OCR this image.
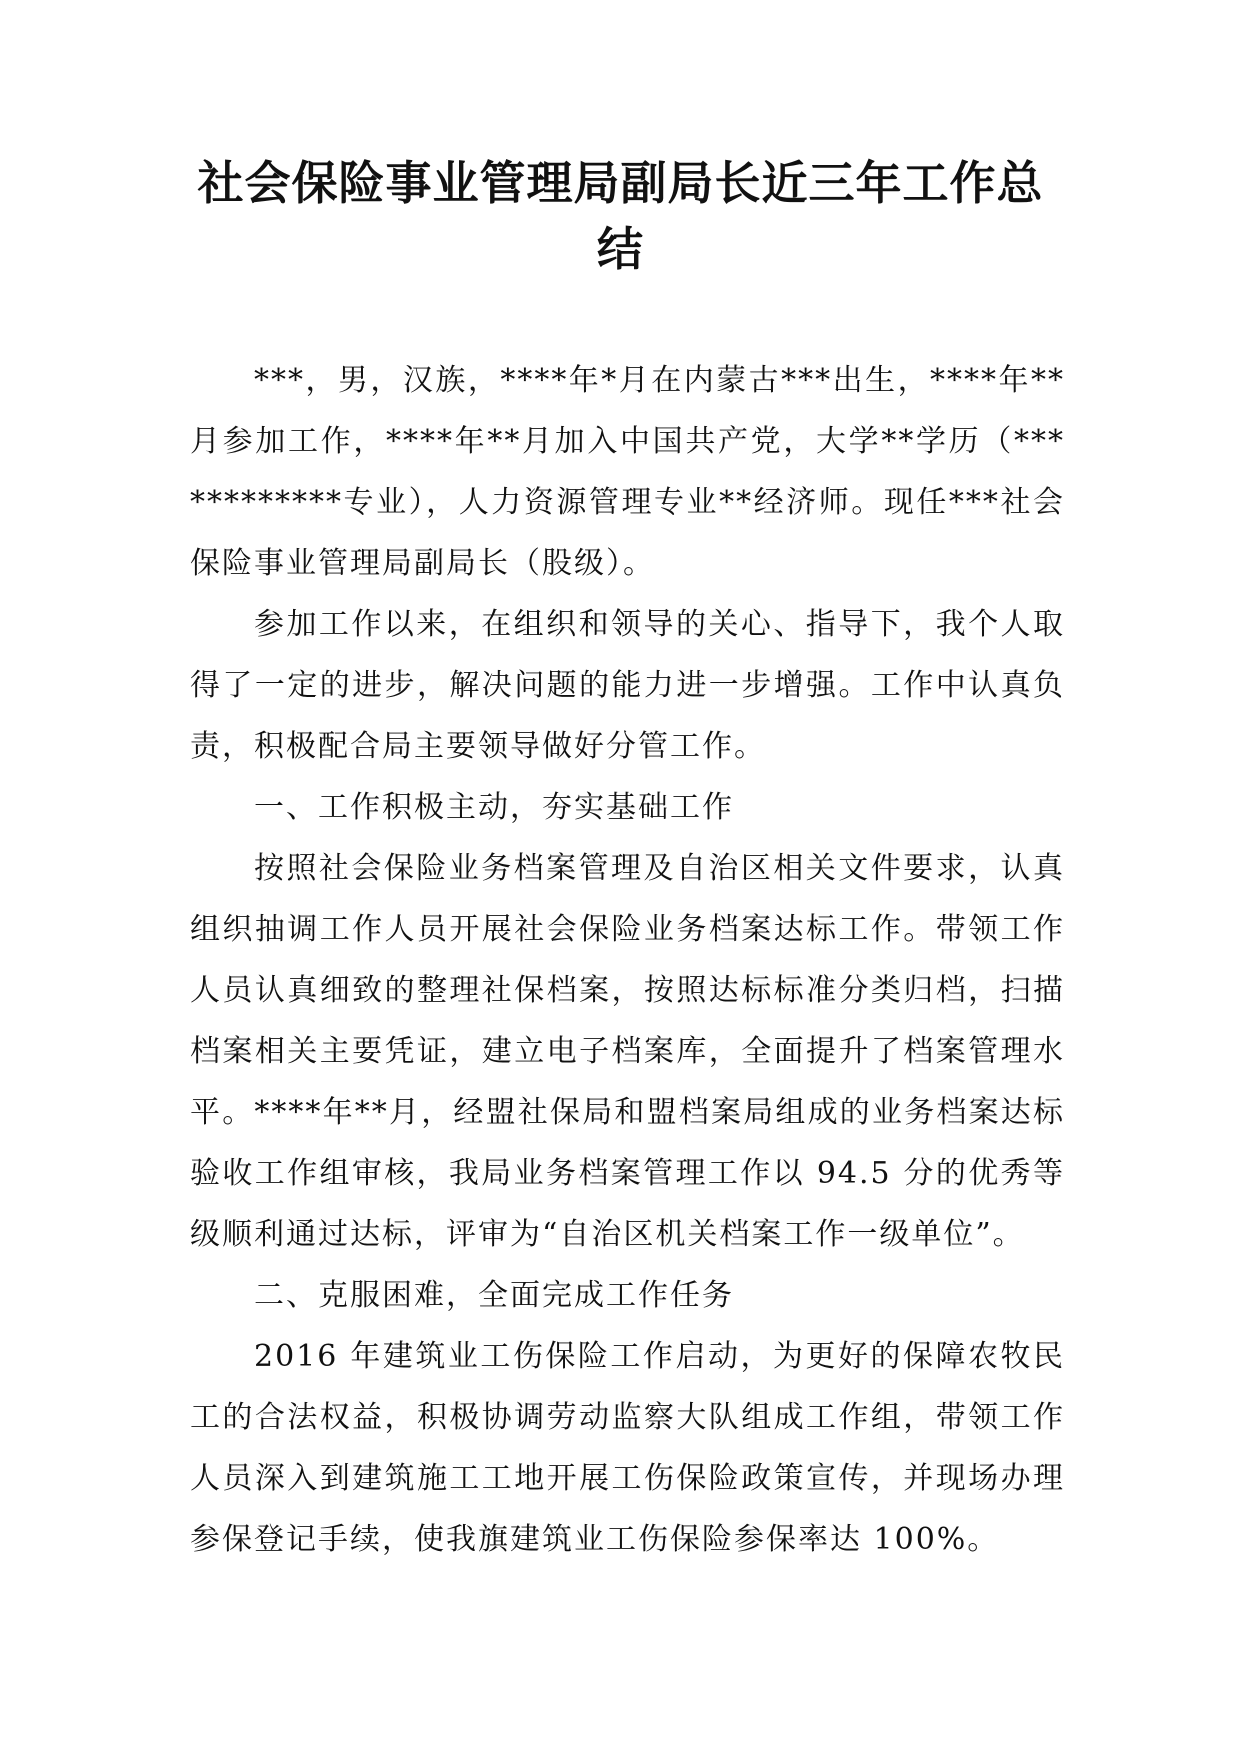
社会保险事业管理局副局长近三年工作总
结

***，男，汉族，****年*月在内蒙古***出生，****年**月参加工作，****年**月加入中国共产党，大学**学历（************专业），人力资源管理专业**经济师。现任***社会保险事业管理局副局长（股级）。

参加工作以来，在组织和领导的关心、指导下，我个人取得了一定的进步，解决问题的能力进一步增强。工作中认真负责，积极配合局主要领导做好分管工作。

一、工作积极主动，夯实基础工作

按照社会保险业务档案管理及自治区相关文件要求，认真组织抽调工作人员开展社会保险业务档案达标工作。带领工作人员认真细致的整理社保档案，按照达标标准分类归档，扫描档案相关主要凭证，建立电子档案库，全面提升了档案管理水平。****年**月，经盟社保局和盟档案局组成的业务档案达标验收工作组审核，我局业务档案管理工作以 94.5 分的优秀等级顺利通过达标，评审为“自治区机关档案工作一级单位”。

二、克服困难，全面完成工作任务

2016 年建筑业工伤保险工作启动，为更好的保障农牧民工的合法权益，积极协调劳动监察大队组成工作组，带领工作人员深入到建筑施工工地开展工伤保险政策宣传，并现场办理参保登记手续，使我旗建筑业工伤保险参保率达 100%。
